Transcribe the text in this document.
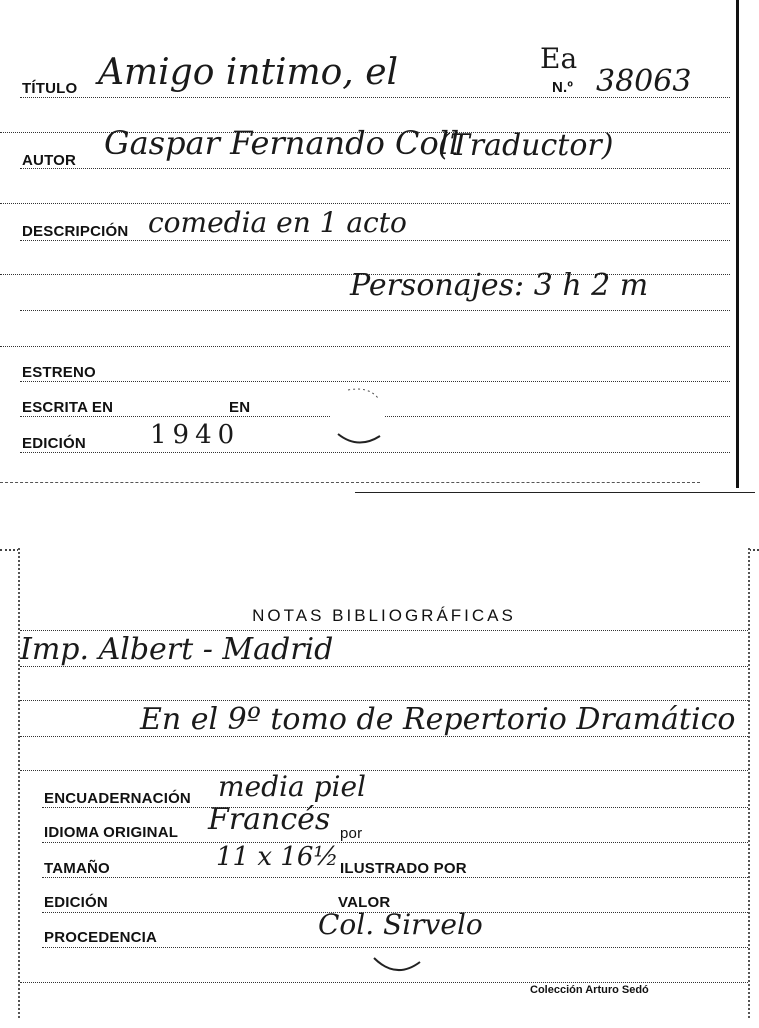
TÍTULO Amigo intimo, el	Ea
N.º 38063
AUTOR Gaspar Fernando Coll
(Traductor)
DESCRIPCIÓN comedia en 1 acto
Personajes: 3 h 2 m
ESTRENO
ESCRITA EN	EN
EDICIÓN 1940
NOTAS BIBLIOGRÁFICAS
Imp. Albert - Madrid
En el 9º tomo de Repertorio Dramático
ENCUADERNACIÓN media piel
IDIOMA ORIGINAL Francés por
TAMAÑO	11 x 16½ ILUSTRADO POR
EDICIÓN	VALOR
PROCEDENCIA	Col. Sirvelo
Colección Arturo Sedó
